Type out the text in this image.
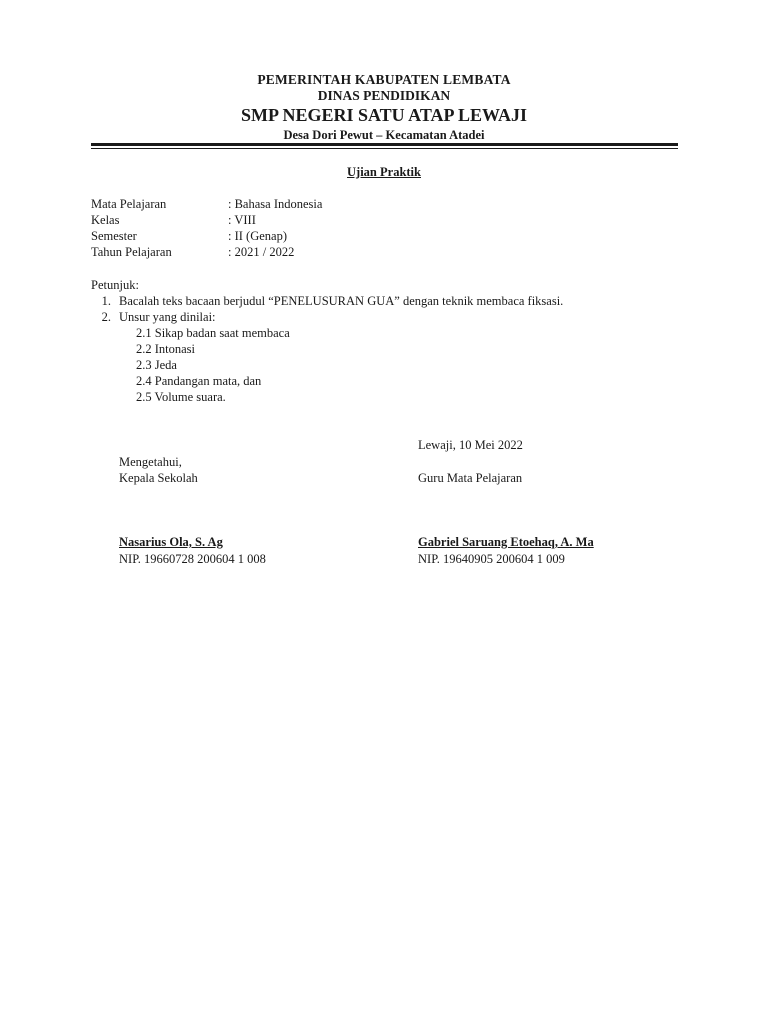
PEMERINTAH KABUPATEN LEMBATA
DINAS PENDIDIKAN
SMP NEGERI SATU ATAP LEWAJI
Desa Dori Pewut – Kecamatan Atadei
Ujian Praktik
Mata Pelajaran	: Bahasa Indonesia
Kelas	: VIII
Semester	: II (Genap)
Tahun Pelajaran	: 2021 / 2022
Petunjuk:
1. Bacalah teks bacaan berjudul “PENELUSURAN GUA” dengan teknik membaca fiksasi.
2. Unsur yang dinilai:
2.1 Sikap badan saat membaca
2.2 Intonasi
2.3 Jeda
2.4 Pandangan mata, dan
2.5 Volume suara.
Lewaji, 10 Mei 2022
Mengetahui,
Kepala Sekolah	Guru Mata Pelajaran
Nasarius Ola, S. Ag	Gabriel Saruang Etoehaq, A. Ma
NIP. 19660728 200604 1 008	NIP. 19640905 200604 1 009
